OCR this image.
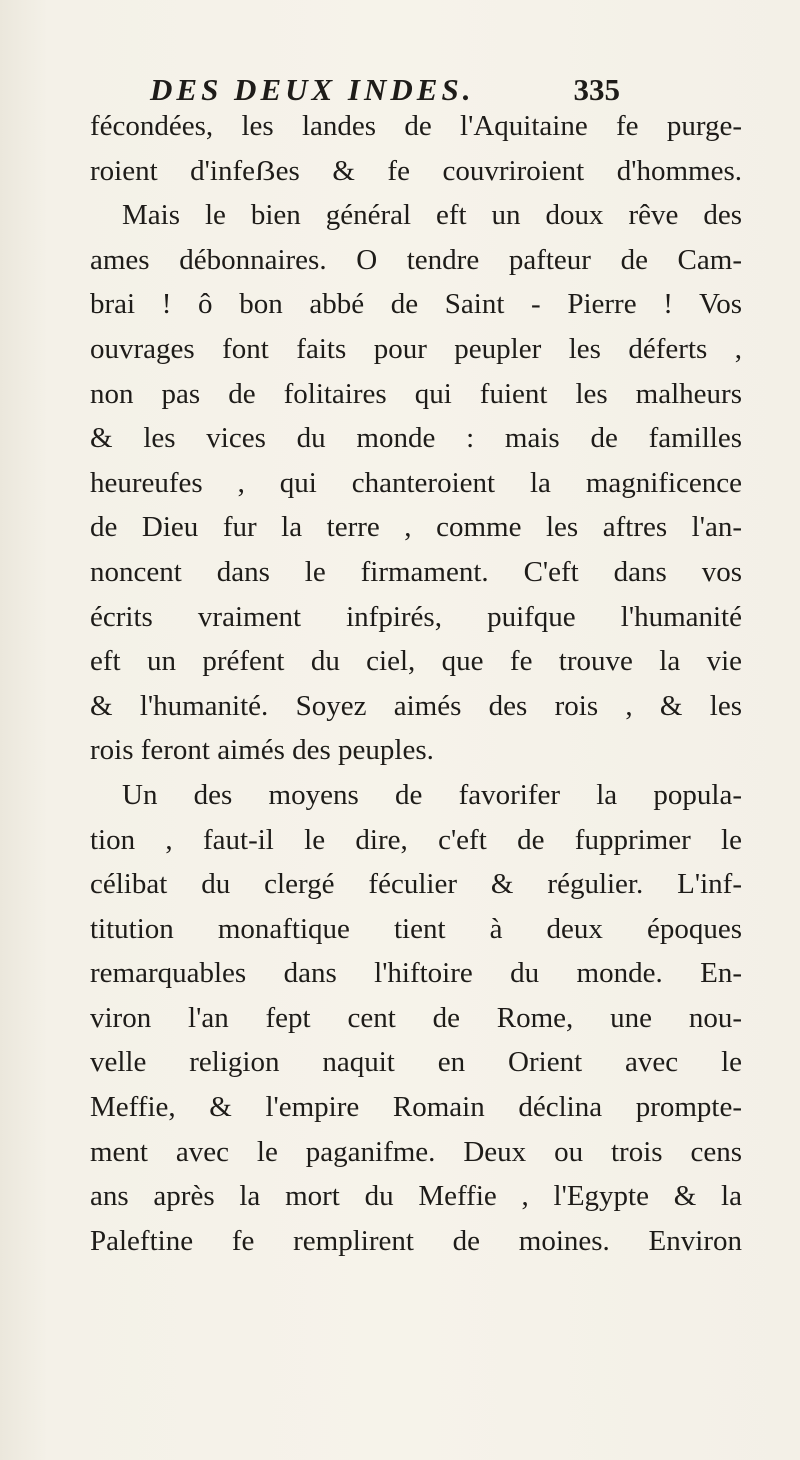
DES DEUX INDES.	335
fécondées, les landes de l'Aquitaine fe purge-
roient d'infeẞes & fe couvriroient d'hommes.
Mais le bien général eft un doux rêve des
ames débonnaires. O tendre pafteur de Cam-
brai ! ô bon abbé de Saint - Pierre ! Vos
ouvrages font faits pour peupler les déferts ,
non pas de folitaires qui fuient les malheurs
& les vices du monde : mais de familles
heureufes , qui chanteroient la magnificence
de Dieu fur la terre , comme les aftres l'an-
noncent dans le firmament. C'eft dans vos
écrits vraiment infpirés, puifque l'humanité
eft un préfent du ciel, que fe trouve la vie
& l'humanité. Soyez aimés des rois , & les
rois feront aimés des peuples.
Un des moyens de favorifer la popula-
tion , faut-il le dire, c'eft de fupprimer le
célibat du clergé féculier & régulier. L'inf-
titution monaftique tient à deux époques
remarquables dans l'hiftoire du monde. En-
viron l'an fept cent de Rome, une nou-
velle religion naquit en Orient avec le
Meffie, & l'empire Romain déclina prompte-
ment avec le paganifme. Deux ou trois cens
ans après la mort du Meffie , l'Egypte & la
Paleftine fe remplirent de moines. Environ
